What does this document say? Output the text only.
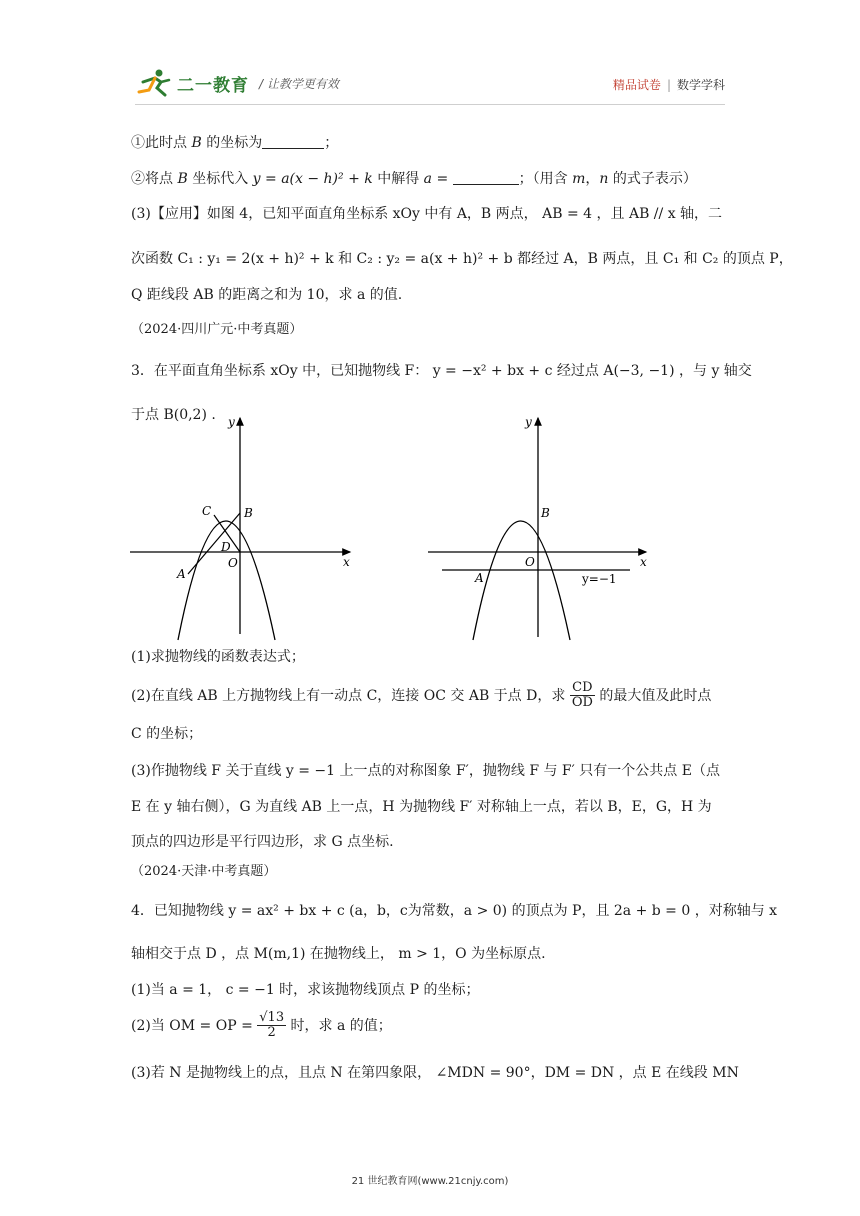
二一教育 / 让教学更有效	精品试卷 | 数学学科
①此时点 B 的坐标为	；
②将点 B 坐标代入 y = a(x − h)² + k 中解得 a =	；（用含 m，n 的式子表示）
(3)【应用】如图 4，已知平面直角坐标系 xOy 中有 A，B 两点， AB = 4 ，且 AB // x 轴，二
次函数 C₁ : y₁ = 2(x + h)² + k 和 C₂ : y₂ = a(x + h)² + b 都经过 A，B 两点，且 C₁ 和 C₂ 的顶点 P，
Q 距线段 AB 的距离之和为 10，求 a 的值.
（2024·四川广元·中考真题）
3．在平面直角坐标系 xOy 中，已知抛物线 F： y = −x² + bx + c 经过点 A(−3, −1) ，与 y 轴交
于点 B(0,2) .
(1)求抛物线的函数表达式；
(2)在直线 AB 上方抛物线上有一动点 C，连接 OC 交 AB 于点 D，求 $\frac{CD}{OD}$ 的最大值及此时点
C 的坐标；
(3)作抛物线 F 关于直线 y = −1 上一点的对称图象 F′，抛物线 F 与 F′ 只有一个公共点 E（点
E 在 y 轴右侧），G 为直线 AB 上一点，H 为抛物线 F′ 对称轴上一点，若以 B，E，G，H 为
顶点的四边形是平行四边形，求 G 点坐标.
（2024·天津·中考真题）
4．已知抛物线 y = ax² + bx + c (a，b，c为常数，a > 0) 的顶点为 P，且 2a + b = 0 ，对称轴与 x
轴相交于点 D ，点 M(m,1) 在抛物线上， m > 1，O 为坐标原点.
(1)当 a = 1， c = −1 时，求该抛物线顶点 P 的坐标；
(2)当 OM = OP = $\frac{√13}{2}$ 时，求 a 的值；
(3)若 N 是抛物线上的点，且点 N 在第四象限， ∠MDN = 90°，DM = DN ，点 E 在线段 MN
y
x
C	B
D
O
A
y
x
B
O
A	y=−1
21 世纪教育网(www.21cnjy.com)
